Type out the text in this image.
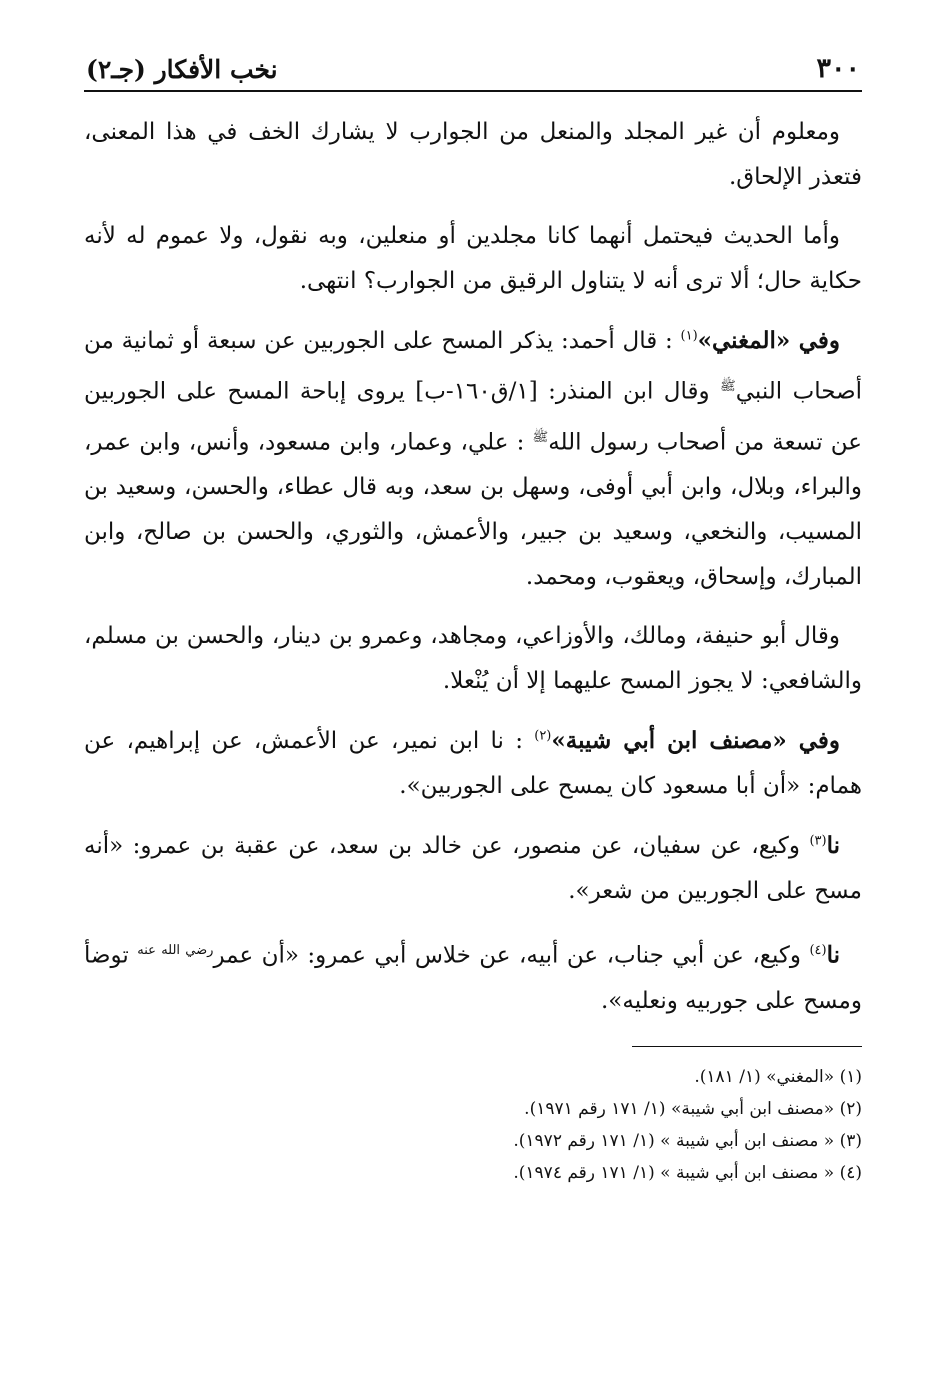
٣٠٠
نخب الأفكار (جـ٢)

ومعلوم أن غير المجلد والمنعل من الجوارب لا يشارك الخف في هذا المعنى، فتعذر الإلحاق.

وأما الحديث فيحتمل أنهما كانا مجلدين أو منعلين، وبه نقول، ولا عموم له لأنه حكاية حال؛ ألا ترى أنه لا يتناول الرقيق من الجوارب؟ انتهى.

وفي «المغني»$^{(١)}$ : قال أحمد: يذكر المسح على الجوربين عن سبعة أو ثمانية من أصحاب النبي$^ﷺ$ وقال ابن المنذر: [١/ق١٦٠-ب] يروى إباحة المسح على الجوربين عن تسعة من أصحاب رسول الله$^ﷺ$ : علي، وعمار، وابن مسعود، وأنس، وابن عمر، والبراء، وبلال، وابن أبي أوفى، وسهل بن سعد، وبه قال عطاء، والحسن، وسعيد بن المسيب، والنخعي، وسعيد بن جبير، والأعمش، والثوري، والحسن بن صالح، وابن المبارك، وإسحاق، ويعقوب، ومحمد.

وقال أبو حنيفة، ومالك، والأوزاعي، ومجاهد، وعمرو بن دينار، والحسن بن مسلم، والشافعي: لا يجوز المسح عليهما إلا أن يُنْعلا.

وفي «مصنف ابن أبي شيبة»$^{(٢)}$ : نا ابن نمير، عن الأعمش، عن إبراهيم، عن همام: «أن أبا مسعود كان يمسح على الجوربين».

نا$^{(٣)}$ وكيع، عن سفيان، عن منصور، عن خالد بن سعد، عن عقبة بن عمرو: «أنه مسح على الجوربين من شعر».

نا$^{(٤)}$ وكيع، عن أبي جناب، عن أبيه، عن خلاس أبي عمرو: «أن عمر$^{رضي الله عنه}$ توضأ ومسح على جوربيه ونعليه».

(١) «المغني» (١/ ١٨١).
(٢) «مصنف ابن أبي شيبة» (١/ ١٧١ رقم ١٩٧١).
(٣) « مصنف ابن أبي شيبة » (١/ ١٧١ رقم ١٩٧٢).
(٤) « مصنف ابن أبي شيبة » (١/ ١٧١ رقم ١٩٧٤).
